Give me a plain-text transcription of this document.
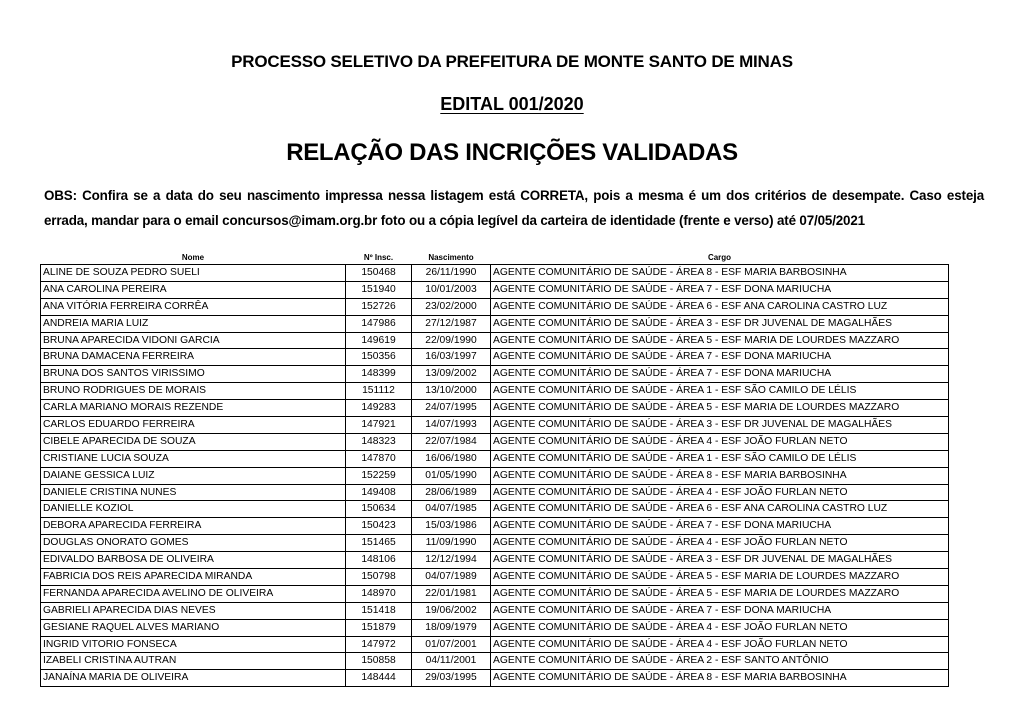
PROCESSO SELETIVO DA PREFEITURA DE MONTE SANTO DE MINAS
EDITAL 001/2020
RELAÇÃO DAS INCRIÇÕES VALIDADAS
OBS: Confira se a data do seu nascimento impressa nessa listagem está CORRETA, pois a mesma é um dos critérios de desempate. Caso esteja errada, mandar para o email concursos@imam.org.br foto ou a cópia legível da carteira de identidade (frente e verso) até 07/05/2021
Nome	Nº Insc.	Nascimento	Cargo
ALINE DE SOUZA PEDRO SUELI	150468	26/11/1990	AGENTE COMUNITÁRIO DE SAÚDE - ÁREA 8 - ESF MARIA BARBOSINHA
ANA CAROLINA PEREIRA	151940	10/01/2003	AGENTE COMUNITÁRIO DE SAÚDE - ÁREA 7 - ESF DONA MARIUCHA
ANA VITÓRIA FERREIRA CORRÊA	152726	23/02/2000	AGENTE COMUNITÁRIO DE SAÚDE - ÁREA 6 - ESF ANA CAROLINA CASTRO LUZ
ANDREIA MARIA LUIZ	147986	27/12/1987	AGENTE COMUNITÁRIO DE SAÚDE - ÁREA 3 - ESF DR JUVENAL DE MAGALHÃES
BRUNA APARECIDA VIDONI GARCIA	149619	22/09/1990	AGENTE COMUNITÁRIO DE SAÚDE - ÁREA 5 - ESF MARIA DE LOURDES MAZZARO
BRUNA DAMACENA FERREIRA	150356	16/03/1997	AGENTE COMUNITÁRIO DE SAÚDE - ÁREA 7 - ESF DONA MARIUCHA
BRUNA DOS SANTOS VIRISSIMO	148399	13/09/2002	AGENTE COMUNITÁRIO DE SAÚDE - ÁREA 7 - ESF DONA MARIUCHA
BRUNO RODRIGUES DE MORAIS	151112	13/10/2000	AGENTE COMUNITÁRIO DE SAÚDE - ÁREA 1 - ESF SÃO CAMILO DE LÉLIS
CARLA MARIANO MORAIS REZENDE	149283	24/07/1995	AGENTE COMUNITÁRIO DE SAÚDE - ÁREA 5 - ESF MARIA DE LOURDES MAZZARO
CARLOS EDUARDO FERREIRA	147921	14/07/1993	AGENTE COMUNITÁRIO DE SAÚDE - ÁREA 3 - ESF DR JUVENAL DE MAGALHÃES
CIBELE APARECIDA DE SOUZA	148323	22/07/1984	AGENTE COMUNITÁRIO DE SAÚDE - ÁREA 4 - ESF JOÃO FURLAN NETO
CRISTIANE LUCIA SOUZA	147870	16/06/1980	AGENTE COMUNITÁRIO DE SAÚDE - ÁREA 1 - ESF SÃO CAMILO DE LÉLIS
DAIANE GESSICA LUIZ	152259	01/05/1990	AGENTE COMUNITÁRIO DE SAÚDE - ÁREA 8 - ESF MARIA BARBOSINHA
DANIELE CRISTINA NUNES	149408	28/06/1989	AGENTE COMUNITÁRIO DE SAÚDE - ÁREA 4 - ESF JOÃO FURLAN NETO
DANIELLE KOZIOL	150634	04/07/1985	AGENTE COMUNITÁRIO DE SAÚDE - ÁREA 6 - ESF ANA CAROLINA CASTRO LUZ
DEBORA APARECIDA FERREIRA	150423	15/03/1986	AGENTE COMUNITÁRIO DE SAÚDE - ÁREA 7 - ESF DONA MARIUCHA
DOUGLAS ONORATO GOMES	151465	11/09/1990	AGENTE COMUNITÁRIO DE SAÚDE - ÁREA 4 - ESF JOÃO FURLAN NETO
EDIVALDO BARBOSA DE OLIVEIRA	148106	12/12/1994	AGENTE COMUNITÁRIO DE SAÚDE - ÁREA 3 - ESF DR JUVENAL DE MAGALHÃES
FABRICIA DOS REIS APARECIDA MIRANDA	150798	04/07/1989	AGENTE COMUNITÁRIO DE SAÚDE - ÁREA 5 - ESF MARIA DE LOURDES MAZZARO
FERNANDA APARECIDA AVELINO DE OLIVEIRA	148970	22/01/1981	AGENTE COMUNITÁRIO DE SAÚDE - ÁREA 5 - ESF MARIA DE LOURDES MAZZARO
GABRIELI APARECIDA DIAS NEVES	151418	19/06/2002	AGENTE COMUNITÁRIO DE SAÚDE - ÁREA 7 - ESF DONA MARIUCHA
GESIANE RAQUEL ALVES MARIANO	151879	18/09/1979	AGENTE COMUNITÁRIO DE SAÚDE - ÁREA 4 - ESF JOÃO FURLAN NETO
INGRID VITORIO FONSECA	147972	01/07/2001	AGENTE COMUNITÁRIO DE SAÚDE - ÁREA 4 - ESF JOÃO FURLAN NETO
IZABELI CRISTINA AUTRAN	150858	04/11/2001	AGENTE COMUNITÁRIO DE SAÚDE - ÁREA 2 - ESF SANTO ANTÔNIO
JANAÍNA MARIA DE OLIVEIRA	148444	29/03/1995	AGENTE COMUNITÁRIO DE SAÚDE - ÁREA 8 - ESF MARIA BARBOSINHA
